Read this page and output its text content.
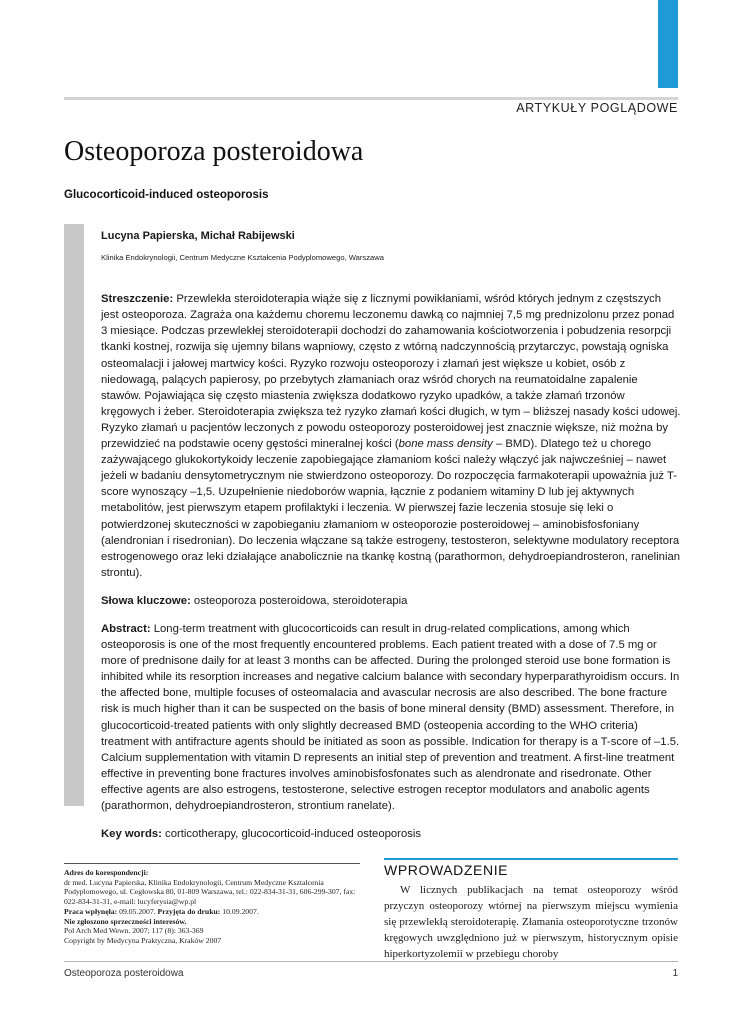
ARTYKUŁY POGLĄDOWE
Osteoporoza posteroidowa
Glucocorticoid-induced osteoporosis
Lucyna Papierska, Michał Rabijewski
Klinika Endokrynologii, Centrum Medyczne Kształcenia Podyplomowego, Warszawa
Streszczenie: Przewlekła steroidoterapia wiąże się z licznymi powikłaniami, wśród których jednym z częstszych jest osteoporoza. Zagraża ona każdemu choremu leczonemu dawką co najmniej 7,5 mg prednizolonu przez ponad 3 miesiące. Podczas przewlekłej steroidoterapii dochodzi do zahamowania kościotworzenia i pobudzenia resorpcji tkanki kostnej, rozwija się ujemny bilans wapniowy, często z wtórną nadczynnością przytarczyc, powstają ogniska osteomalacji i jałowej martwicy kości. Ryzyko rozwoju osteoporozy i złamań jest większe u kobiet, osób z niedowagą, palących papierosy, po przebytych złamaniach oraz wśród chorych na reumatoidalne zapalenie stawów. Pojawiająca się często miastenia zwiększa dodatkowo ryzyko upadków, a także złamań trzonów kręgowych i żeber. Steroidoterapia zwiększa też ryzyko złamań kości długich, w tym – bliższej nasady kości udowej. Ryzyko złamań u pacjentów leczonych z powodu osteoporozy posteroidowej jest znacznie większe, niż można by przewidzieć na podstawie oceny gęstości mineralnej kości (bone mass density – BMD). Dlatego też u chorego zażywającego glukokortykoidy leczenie zapobiegające złamaniom kości należy włączyć jak najwcześniej – nawet jeżeli w badaniu densytometrycznym nie stwierdzono osteoporozy. Do rozpoczęcia farmakoterapii upoważnia już T-score wynoszący –1,5. Uzupełnienie niedoborów wapnia, łącznie z podaniem witaminy D lub jej aktywnych metabolitów, jest pierwszym etapem profilaktyki i leczenia. W pierwszej fazie leczenia stosuje się leki o potwierdzonej skuteczności w zapobieganiu złamaniom w osteoporozie posteroidowej – aminobisfosfoniany (alendronian i risedronian). Do leczenia włączane są także estrogeny, testosteron, selektywne modulatory receptora estrogenowego oraz leki działające anabolicznie na tkankę kostną (parathormon, dehydroepiandrosteron, ranelinian strontu).
Słowa kluczowe: osteoporoza posteroidowa, steroidoterapia
Abstract: Long-term treatment with glucocorticoids can result in drug-related complications, among which osteoporosis is one of the most frequently encountered problems. Each patient treated with a dose of 7.5 mg or more of prednisone daily for at least 3 months can be affected. During the prolonged steroid use bone formation is inhibited while its resorption increases and negative calcium balance with secondary hyperparathyroidism occurs. In the affected bone, multiple focuses of osteomalacia and avascular necrosis are also described. The bone fracture risk is much higher than it can be suspected on the basis of bone mineral density (BMD) assessment. Therefore, in glucocorticoid-treated patients with only slightly decreased BMD (osteopenia according to the WHO criteria) treatment with antifracture agents should be initiated as soon as possible. Indication for therapy is a T-score of –1.5. Calcium supplementation with vitamin D represents an initial step of prevention and treatment. A first-line treatment effective in preventing bone fractures involves aminobisfosfonates such as alendronate and risedronate. Other effective agents are also estrogens, testosterone, selective estrogen receptor modulators and anabolic agents (parathormon, dehydroepiandrosteron, strontium ranelate).
Key words: corticotherapy, glucocorticoid-induced osteoporosis
Adres do korespondencji:
dr med. Lucyna Papierska, Klinika Endokrynologii, Centrum Medyczne Kształcenia Podyplomowego, ul. Cegłowska 80, 01-809 Warszawa, tel.: 022-834-31-31, 606-299-307, fax: 022-834-31-31, e-mail: lucyferysia@wp.pl
Praca wpłynęła: 09.05.2007. Przyjęta do druku: 10.09.2007.
Nie zgłoszono sprzeczności interesów.
Pol Arch Med Wewn. 2007; 117 (8): 363-369
Copyright by Medycyna Praktyczna, Kraków 2007
WPROWADZENIE

W licznych publikacjach na temat osteoporozy wśród przyczyn osteoporozy wtórnej na pierwszym miejscu wymienia się przewlekłą steroidoterapię. Złamania osteoporotyczne trzonów kręgowych uwzględniono już w pierwszym, historycznym opisie hiperkortyzolemii w przebiegu choroby

Osteoporoza posteroidowa	1
